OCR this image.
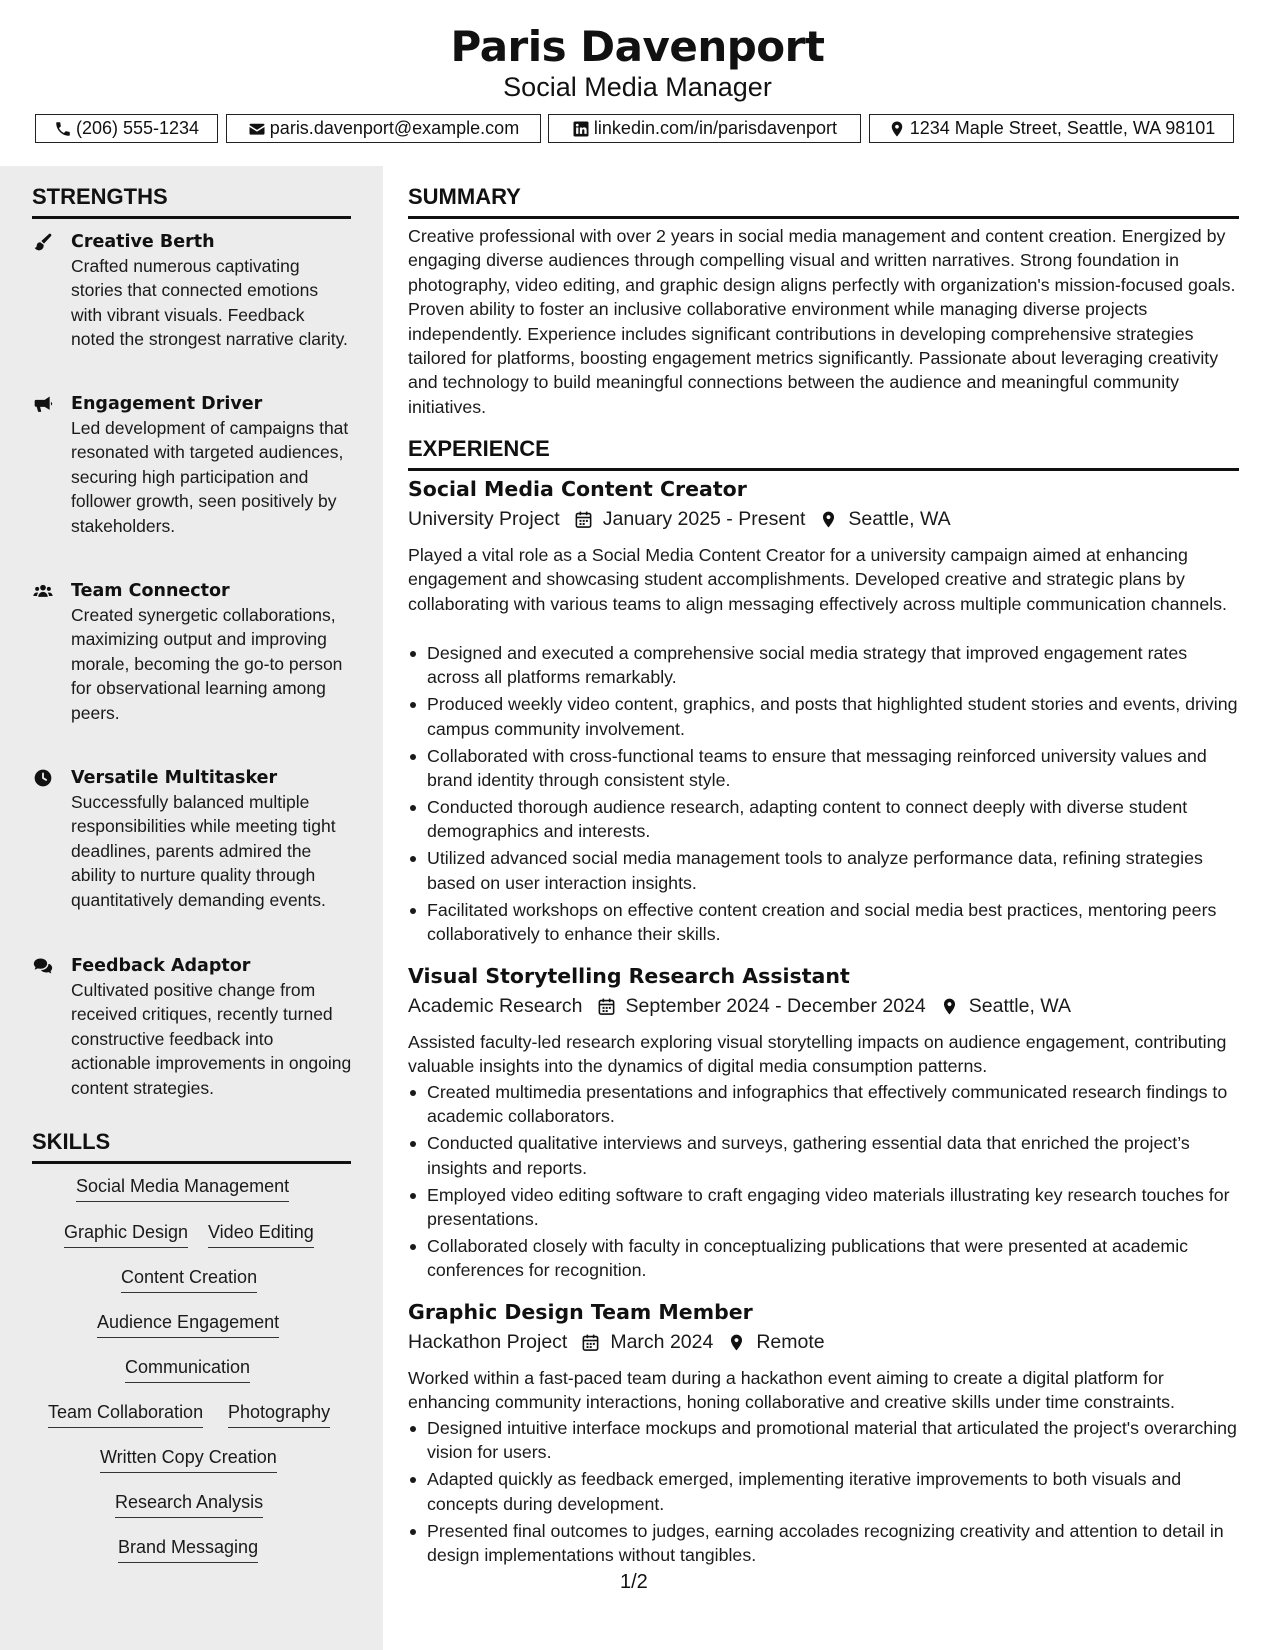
Paris Davenport
Social Media Manager
(206) 555-1234	paris.davenport@example.com	linkedin.com/in/parisdavenport	1234 Maple Street, Seattle, WA 98101
STRENGTHS
Creative Berth
Crafted numerous captivating stories that connected emotions with vibrant visuals. Feedback noted the strongest narrative clarity.
Engagement Driver
Led development of campaigns that resonated with targeted audiences, securing high participation and follower growth, seen positively by stakeholders.
Team Connector
Created synergetic collaborations, maximizing output and improving morale, becoming the go-to person for observational learning among peers.
Versatile Multitasker
Successfully balanced multiple responsibilities while meeting tight deadlines, parents admired the ability to nurture quality through quantitatively demanding events.
Feedback Adaptor
Cultivated positive change from received critiques, recently turned constructive feedback into actionable improvements in ongoing content strategies.
SKILLS
Social Media Management
Graphic Design Video Editing
Content Creation
Audience Engagement
Communication
Team Collaboration Photography
Written Copy Creation
Research Analysis
Brand Messaging
SUMMARY
Creative professional with over 2 years in social media management and content creation. Energized by engaging diverse audiences through compelling visual and written narratives. Strong foundation in photography, video editing, and graphic design aligns perfectly with organization's mission-focused goals. Proven ability to foster an inclusive collaborative environment while managing diverse projects independently. Experience includes significant contributions in developing comprehensive strategies tailored for platforms, boosting engagement metrics significantly. Passionate about leveraging creativity and technology to build meaningful connections between the audience and meaningful community initiatives.
EXPERIENCE
Social Media Content Creator
University Project January 2025 - Present Seattle, WA
Played a vital role as a Social Media Content Creator for a university campaign aimed at enhancing engagement and showcasing student accomplishments. Developed creative and strategic plans by collaborating with various teams to align messaging effectively across multiple communication channels.
Designed and executed a comprehensive social media strategy that improved engagement rates across all platforms remarkably.
Produced weekly video content, graphics, and posts that highlighted student stories and events, driving campus community involvement.
Collaborated with cross-functional teams to ensure that messaging reinforced university values and brand identity through consistent style.
Conducted thorough audience research, adapting content to connect deeply with diverse student demographics and interests.
Utilized advanced social media management tools to analyze performance data, refining strategies based on user interaction insights.
Facilitated workshops on effective content creation and social media best practices, mentoring peers collaboratively to enhance their skills.
Visual Storytelling Research Assistant
Academic Research September 2024 - December 2024 Seattle, WA
Assisted faculty-led research exploring visual storytelling impacts on audience engagement, contributing valuable insights into the dynamics of digital media consumption patterns.
Created multimedia presentations and infographics that effectively communicated research findings to academic collaborators.
Conducted qualitative interviews and surveys, gathering essential data that enriched the project’s insights and reports.
Employed video editing software to craft engaging video materials illustrating key research touches for presentations.
Collaborated closely with faculty in conceptualizing publications that were presented at academic conferences for recognition.
Graphic Design Team Member
Hackathon Project March 2024 Remote
Worked within a fast-paced team during a hackathon event aiming to create a digital platform for enhancing community interactions, honing collaborative and creative skills under time constraints.
Designed intuitive interface mockups and promotional material that articulated the project's overarching vision for users.
Adapted quickly as feedback emerged, implementing iterative improvements to both visuals and concepts during development.
Presented final outcomes to judges, earning accolades recognizing creativity and attention to detail in design implementations without tangibles.
1/2
